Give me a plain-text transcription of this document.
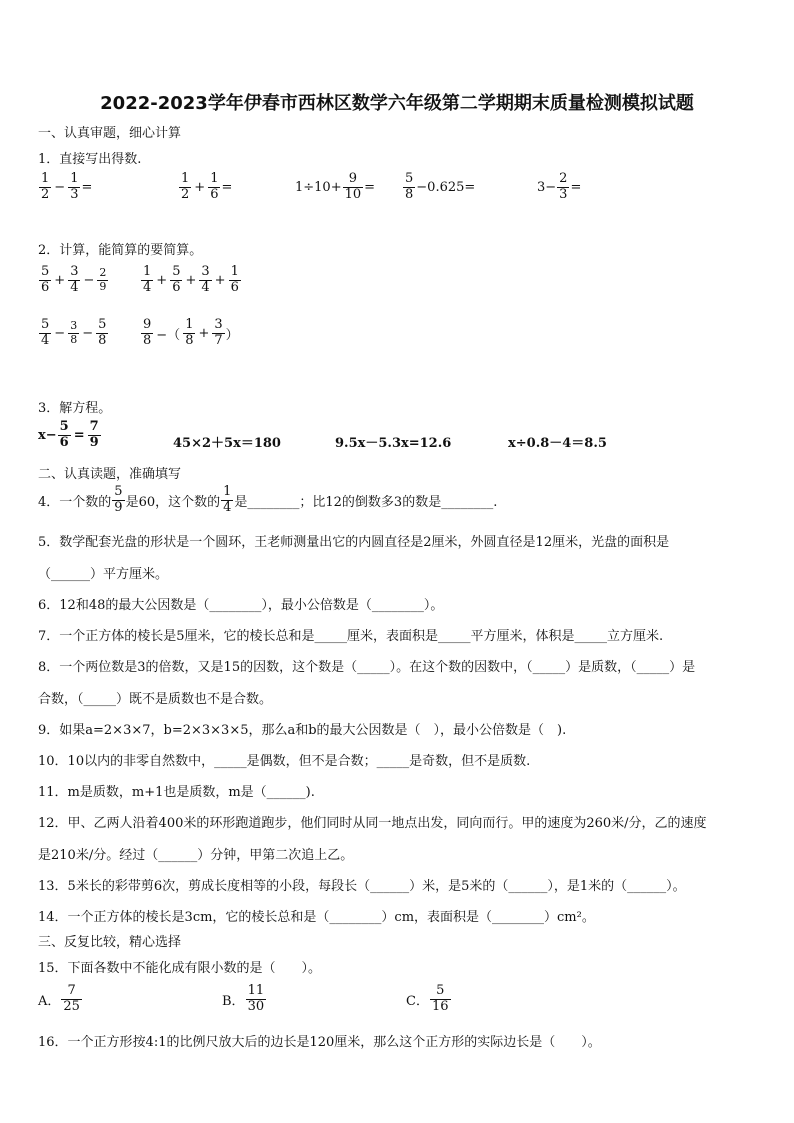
2022-2023学年伊春市西林区数学六年级第二学期期末质量检测模拟试题
一、认真审题，细心计算
1．直接写出得数.
$\frac{1}{2} - \frac{1}{3}$ =	$\frac{1}{2} + \frac{1}{6}$ =	$1\div 10+ \frac{9}{10} = \frac{5}{8} -0.625=$	$3- \frac{2}{3}$ =
2．计算，能简算的要简算。
$\frac{5}{6} + \frac{3}{4} - \frac{2}{9}$	$\frac{1}{4} + \frac{5}{6} + \frac{3}{4} + \frac{1}{6}$
$\frac{5}{4} - \frac{3}{8} - \frac{5}{8}$	$\frac{9}{8}$ −（ $\frac{1}{8} + \frac{3}{7}$ ）
3．解方程。
$x- \frac{5}{6} = \frac{7}{9}$	45×2＋5x＝180	9.5x－5.3x=12.6	x÷0.8－4＝8.5
二、认真读题，准确填写
4．一个数的 $\frac{5}{9}$ 是60，这个数的 $\frac{1}{4}$ 是________；比12的倒数多3的数是________.
5．数学配套光盘的形状是一个圆环，王老师测量出它的内圆直径是2厘米，外圆直径是12厘米，光盘的面积是
（______）平方厘米。
6．12和48的最大公因数是（________），最小公倍数是（________）。
7．一个正方体的棱长是5厘米，它的棱长总和是_____厘米，表面积是_____平方厘米，体积是_____立方厘米.
8．一个两位数是3的倍数，又是15的因数，这个数是（_____）。在这个数的因数中，（_____）是质数，（_____）是
合数，（_____）既不是质数也不是合数。
9．如果a=2×3×7，b=2×3×3×5，那么a和b的最大公因数是（　），最小公倍数是（　).
10．10以内的非零自然数中，_____是偶数，但不是合数；_____是奇数，但不是质数.
11．m是质数，m+1也是质数，m是（______).
12．甲、乙两人沿着400米的环形跑道跑步，他们同时从同一地点出发，同向而行。甲的速度为260米/分，乙的速度
是210米/分。经过（______）分钟，甲第二次追上乙。
13．5米长的彩带剪6次，剪成长度相等的小段，每段长（______）米，是5米的（______），是1米的（______）。
14．一个正方体的棱长是3cm，它的棱长总和是（________）cm，表面积是（________）cm²。
三、反复比较，精心选择
15．下面各数中不能化成有限小数的是（　　）。
A． $\frac{7}{25}$	B． $\frac{11}{30}$	C． $\frac{5}{16}$
16．一个正方形按4:1的比例尺放大后的边长是120厘米，那么这个正方形的实际边长是（　　）。
